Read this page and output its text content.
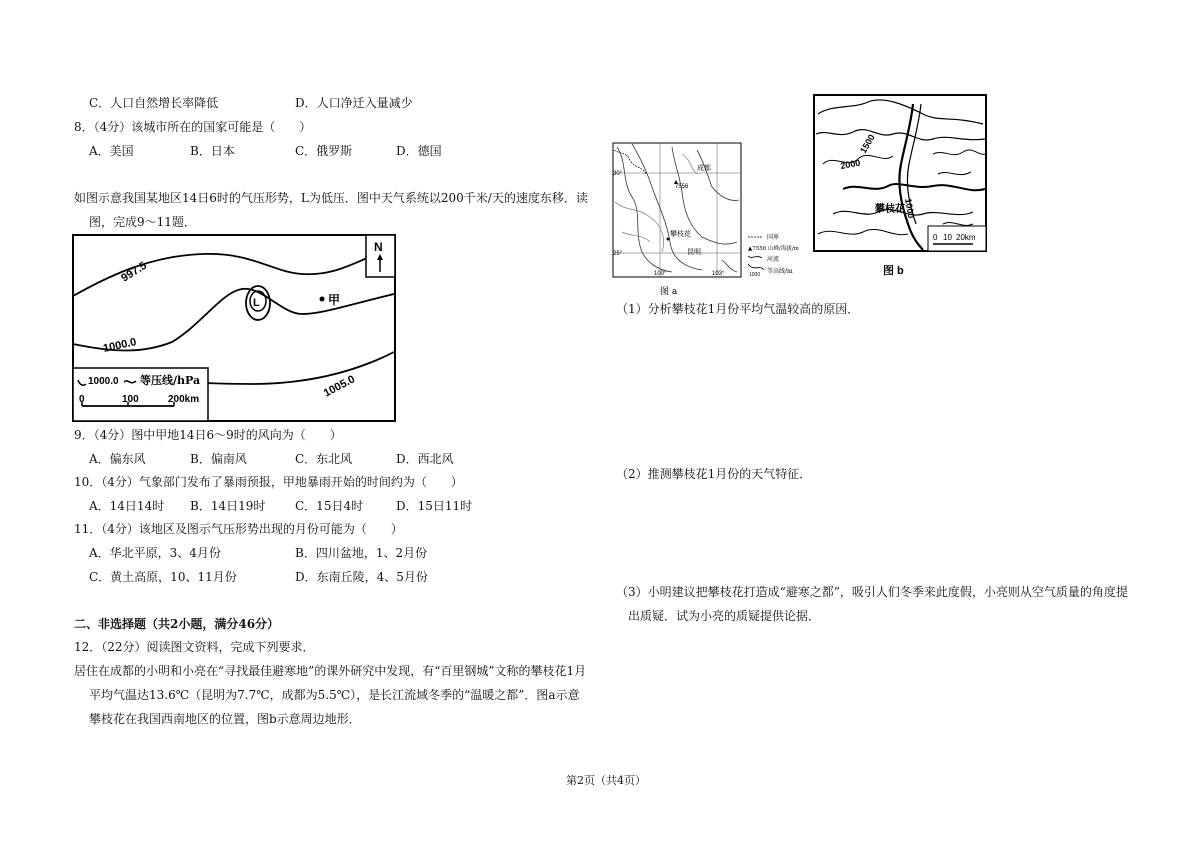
C．人口自然增长率降低	D．人口净迁入量减少
8．（4分）该城市所在的国家可能是（　　）
A．美国	B．日本	C．俄罗斯	D．德国
如图示意我国某地区14日6时的气压形势，L为低压．图中天气系统以200千米/天的速度东移．读
图，完成9～11题．
L	甲
997.5
1000.0
1005.0
N
1000.0 等压线/hPa
0	100	200km
9．（4分）图中甲地14日6～9时的风向为（　　）
A．偏东风	B．偏南风	C．东北风	D．西北风
10．（4分）气象部门发布了暴雨预报，甲地暴雨开始的时间约为（　　）
A．14日14时 B．14日19时 C．15日4时	D．15日11时
11．（4分）该地区及图示气压形势出现的月份可能为（　　）
A．华北平原，3、4月份	B．四川盆地，1、2月份
C．黄土高原，10、11月份	D．东南丘陵，4、5月份
二、非选择题（共2小题，满分46分）
12．（22分）阅读图文资料，完成下列要求．
居住在成都的小明和小亮在“寻找最佳避寒地”的课外研究中发现，有“百里钢城”文称的攀枝花1月
平均气温达13.6℃（昆明为7.7℃，成都为5.5℃），是长江流域冬季的“温暖之都”．图a示意
攀枝花在我国西南地区的位置，图b示意周边地形．
7556
攀枝花
昆明
成都
30°
25°
100°	103°
国界
▲7556 山峰/海拔/m
河流
1000 等高线/m
图 a
2000
1500
1000
攀枝花
0 10 20km
图 b
（1）分析攀枝花1月份平均气温较高的原因．
（2）推测攀枝花1月份的天气特征．
（3）小明建议把攀枝花打造成“避寒之都”，吸引人们冬季来此度假，小亮则从空气质量的角度提
出质疑．试为小亮的质疑提供论据．
第2页（共4页）
